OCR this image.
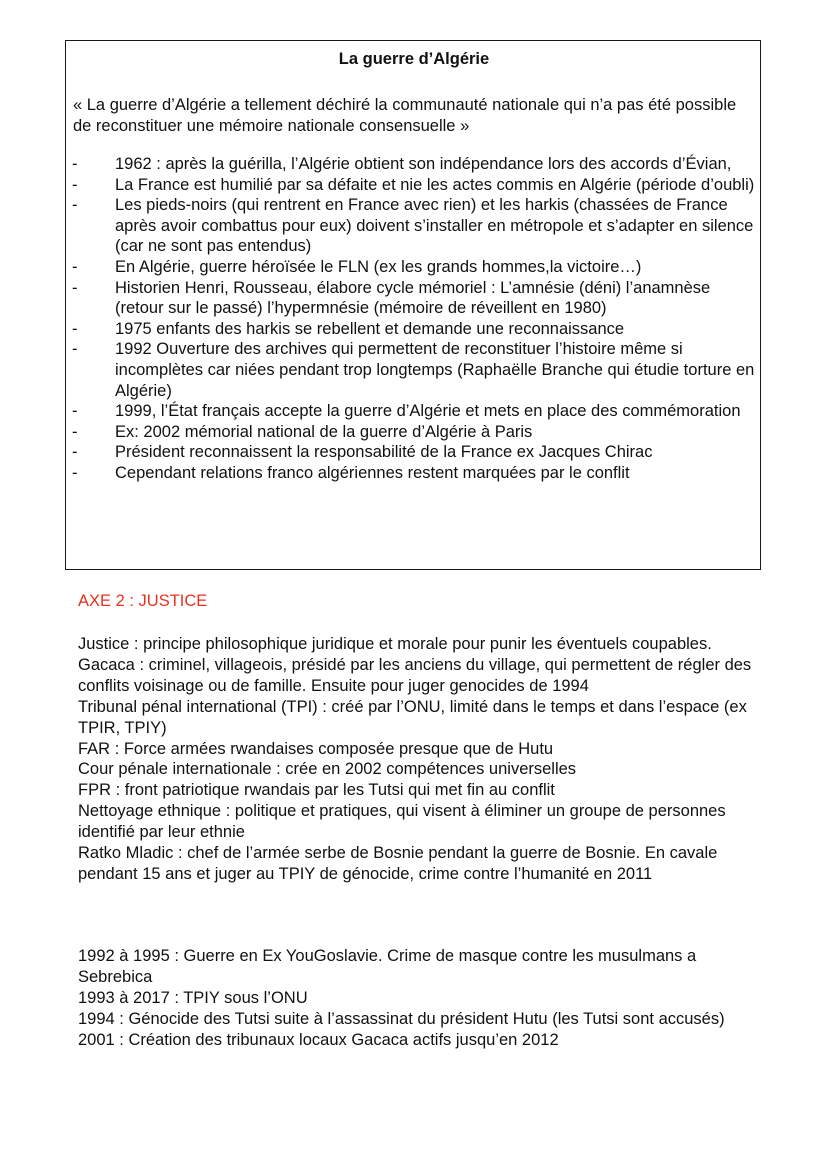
La guerre d’Algérie
« La guerre d’Algérie a tellement déchiré la communauté nationale qui n’a pas été possible de reconstituer une mémoire nationale consensuelle »
- 1962 : après la guérilla, l’Algérie obtient son indépendance lors des accords d’Évian,
- La France est humilié par sa défaite et nie les actes commis en Algérie (période d’oubli)
- Les pieds-noirs (qui rentrent en France avec rien) et les harkis (chassées de France après avoir combattus pour eux) doivent s’installer en métropole et s’adapter en silence (car ne sont pas entendus)
- En Algérie, guerre héroïsée le FLN (ex les grands hommes,la victoire…)
- Historien Henri, Rousseau, élabore cycle mémoriel : L’amnésie (déni) l’anamnèse (retour sur le passé) l’hypermnésie (mémoire de réveillent en 1980)
- 1975 enfants des harkis se rebellent et demande une reconnaissance
- 1992 Ouverture des archives qui permettent de reconstituer l’histoire même si incomplètes car niées pendant trop longtemps (Raphaëlle Branche qui étudie torture en Algérie)
- 1999, l’État français accepte la guerre d’Algérie et mets en place des commémoration
- Ex: 2002 mémorial national de la guerre d’Algérie à Paris
- Président reconnaissent la responsabilité de la France ex Jacques Chirac
- Cependant relations franco algériennes restent marquées par le conflit
AXE 2 : JUSTICE

Justice : principe philosophique juridique et morale pour punir les éventuels coupables.

Gacaca : criminel, villageois, présidé par les anciens du village, qui permettent de régler des conflits voisinage ou de famille. Ensuite pour juger genocides de 1994

Tribunal pénal international (TPI) : créé par l’ONU, limité dans le temps et dans l’espace (ex TPIR, TPIY)

FAR : Force armées rwandaises composée presque que de Hutu

Cour pénale internationale : crée en 2002 compétences universelles

FPR : front patriotique rwandais par les Tutsi qui met fin au conflit

Nettoyage ethnique : politique et pratiques, qui visent à éliminer un groupe de personnes identifié par leur ethnie

Ratko Mladic : chef de l’armée serbe de Bosnie pendant la guerre de Bosnie. En cavale pendant 15 ans et juger au TPIY de génocide, crime contre l’humanité en 2011

1992 à 1995 : Guerre en Ex YouGoslavie. Crime de masque contre les musulmans a Sebrebica

1993 à 2017 : TPIY sous l’ONU

1994 : Génocide des Tutsi suite à l’assassinat du président Hutu (les Tutsi sont accusés)

2001 : Création des tribunaux locaux Gacaca actifs jusqu’en 2012
